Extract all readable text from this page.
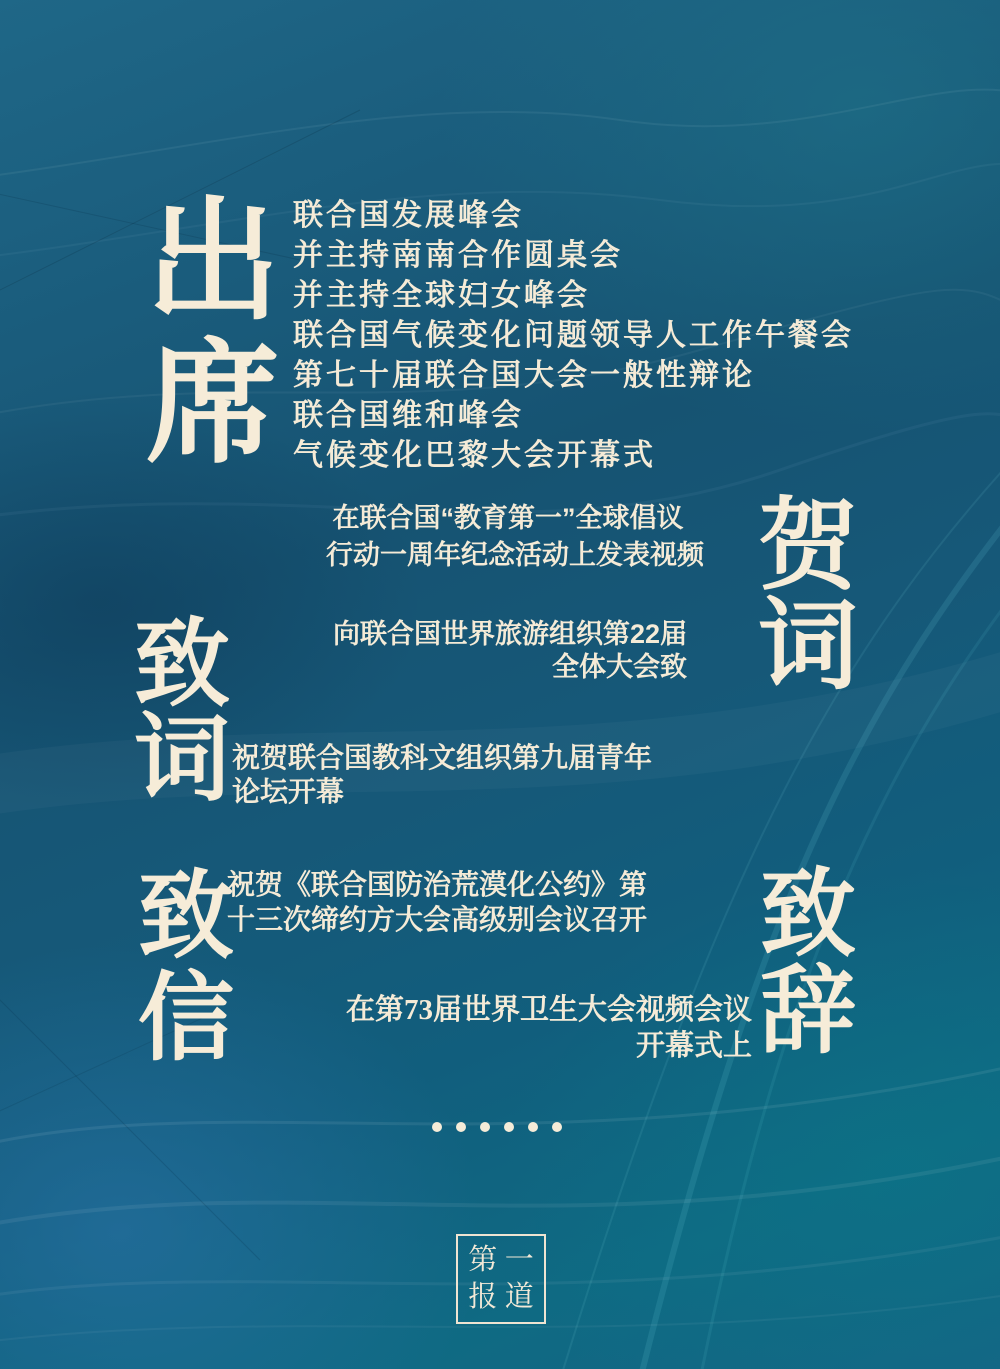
出
席
联合国发展峰会
并主持南南合作圆桌会
并主持全球妇女峰会
联合国气候变化问题领导人工作午餐会
第七十届联合国大会一般性辩论
联合国维和峰会
气候变化巴黎大会开幕式
在联合国“教育第一”全球倡议
行动一周年纪念活动上发表视频
向联合国世界旅游组织第22届
全体大会致
贺
词
致
词 祝贺联合国教科文组织第九届青年
论坛开幕
致
信
祝贺《联合国防治荒漠化公约》第
十三次缔约方大会高级别会议召开
在第73届世界卫生大会视频会议
开幕式上
致
辞
第 一
报 道
